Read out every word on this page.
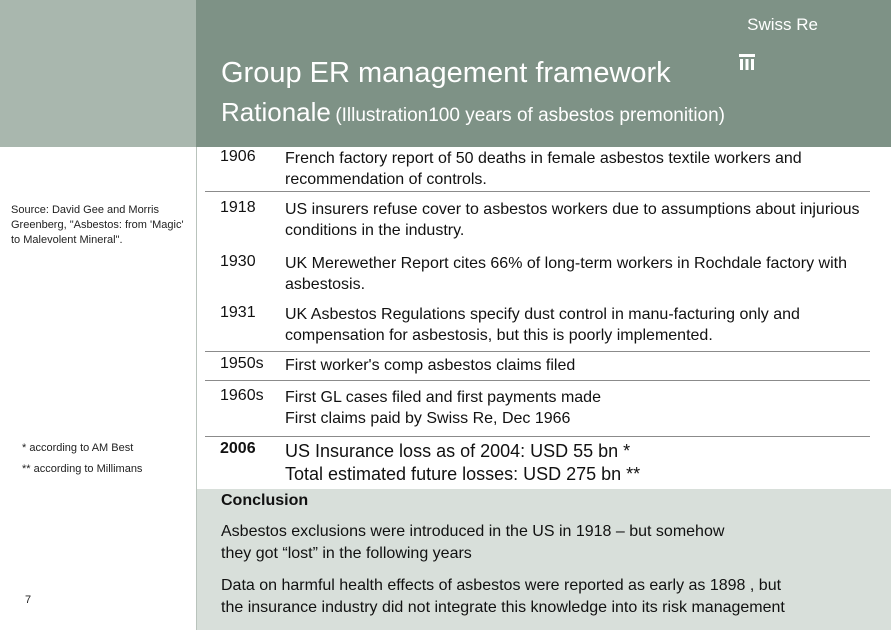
Swiss Re
Group ER management framework
Rationale (Illustration100 years of asbestos premonition)
Source: David Gee and Morris Greenberg, "Asbestos: from 'Magic' to Malevolent Mineral".
* according to AM Best
** according to Millimans
7
1906 French factory report of 50 deaths in female asbestos textile workers and recommendation of controls.
1918 US insurers refuse cover to asbestos workers due to assumptions about injurious conditions in the industry.
1930 UK Merewether Report cites 66% of long-term workers in Rochdale factory with asbestosis.
1931 UK Asbestos Regulations specify dust control in manu-facturing only and compensation for asbestosis, but this is poorly implemented.
1950s First worker's comp asbestos claims filed
1960s First GL cases filed and first payments made
First claims paid by Swiss Re, Dec 1966
2006 US Insurance loss as of 2004: USD 55 bn *
Total estimated future losses: USD 275 bn **
Conclusion
Asbestos exclusions were introduced in the US in 1918 – but somehow
they got “lost” in the following years
Data on harmful health effects of asbestos were reported as early as 1898 , but
the insurance industry did not integrate this knowledge into its risk management
